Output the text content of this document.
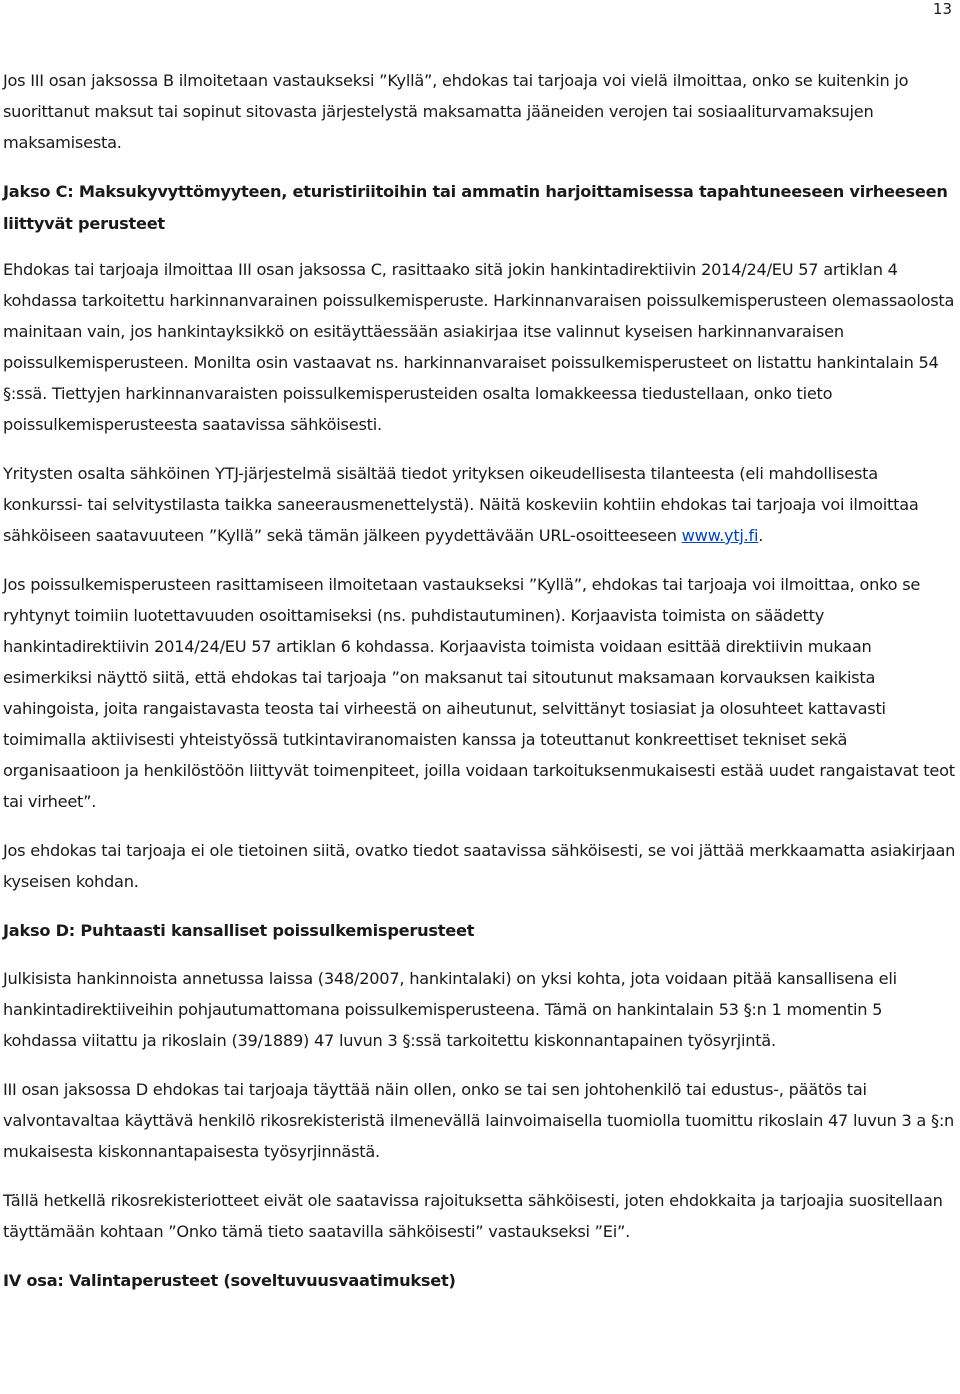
13

Jos III osan jaksossa B ilmoitetaan vastaukseksi ”Kyllä”, ehdokas tai tarjoaja voi vielä ilmoittaa, onko se kuitenkin jo suorittanut maksut tai sopinut sitovasta järjestelystä maksamatta jääneiden verojen tai sosiaaliturvamaksujen maksamisesta.

Jakso C: Maksukyvyttömyyteen, eturistiriitoihin tai ammatin harjoittamisessa tapahtuneeseen virheeseen liittyvät perusteet

Ehdokas tai tarjoaja ilmoittaa III osan jaksossa C, rasittaako sitä jokin hankintadirektiivin 2014/24/EU 57 artiklan 4 kohdassa tarkoitettu harkinnanvarainen poissulkemisperuste. Harkinnanvaraisen poissulkemisperusteen olemassaolosta mainitaan vain, jos hankintayksikkö on esitäyttäessään asiakirjaa itse valinnut kyseisen harkinnanvaraisen poissulkemisperusteen. Monilta osin vastaavat ns. harkinnanvaraiset poissulkemisperusteet on listattu hankintalain 54 §:ssä. Tiettyjen harkinnanvaraisten poissulkemisperusteiden osalta lomakkeessa tiedustellaan, onko tieto poissulkemisperusteesta saatavissa sähköisesti.

Yritysten osalta sähköinen YTJ-järjestelmä sisältää tiedot yrityksen oikeudellisesta tilanteesta (eli mahdollisesta konkurssi- tai selvitystilasta taikka saneerausmenettelystä). Näitä koskeviin kohtiin ehdokas tai tarjoaja voi ilmoittaa sähköiseen saatavuuteen ”Kyllä” sekä tämän jälkeen pyydettävään URL-osoitteeseen www.ytj.fi.

Jos poissulkemisperusteen rasittamiseen ilmoitetaan vastaukseksi ”Kyllä”, ehdokas tai tarjoaja voi ilmoittaa, onko se ryhtynyt toimiin luotettavuuden osoittamiseksi (ns. puhdistautuminen). Korjaavista toimista on säädetty hankintadirektiivin 2014/24/EU 57 artiklan 6 kohdassa. Korjaavista toimista voidaan esittää direktiivin mukaan esimerkiksi näyttö siitä, että ehdokas tai tarjoaja ”on maksanut tai sitoutunut maksamaan korvauksen kaikista vahingoista, joita rangaistavasta teosta tai virheestä on aiheutunut, selvittänyt tosiasiat ja olosuhteet kattavasti toimimalla aktiivisesti yhteistyössä tutkintaviranomaisten kanssa ja toteuttanut konkreettiset tekniset sekä organisaatioon ja henkilöstöön liittyvät toimenpiteet, joilla voidaan tarkoituksenmukaisesti estää uudet rangaistavat teot tai virheet”.

Jos ehdokas tai tarjoaja ei ole tietoinen siitä, ovatko tiedot saatavissa sähköisesti, se voi jättää merkkaamatta asiakirjaan kyseisen kohdan.

Jakso D: Puhtaasti kansalliset poissulkemisperusteet

Julkisista hankinnoista annetussa laissa (348/2007, hankintalaki) on yksi kohta, jota voidaan pitää kansallisena eli hankintadirektiiveihin pohjautumattomana poissulkemisperusteena. Tämä on hankintalain 53 §:n 1 momentin 5 kohdassa viitattu ja rikoslain (39/1889) 47 luvun 3 §:ssä tarkoitettu kiskonnantapainen työsyrjintä.

III osan jaksossa D ehdokas tai tarjoaja täyttää näin ollen, onko se tai sen johtohenkilö tai edustus-, päätös tai valvontavaltaa käyttävä henkilö rikosrekisteristä ilmenevällä lainvoimaisella tuomiolla tuomittu rikoslain 47 luvun 3 a §:n mukaisesta kiskonnantapaisesta työsyrjinnästä.

Tällä hetkellä rikosrekisteriotteet eivät ole saatavissa rajoituksetta sähköisesti, joten ehdokkaita ja tarjoajia suositellaan täyttämään kohtaan ”Onko tämä tieto saatavilla sähköisesti” vastaukseksi ”Ei”.

IV osa: Valintaperusteet (soveltuvuusvaatimukset)
